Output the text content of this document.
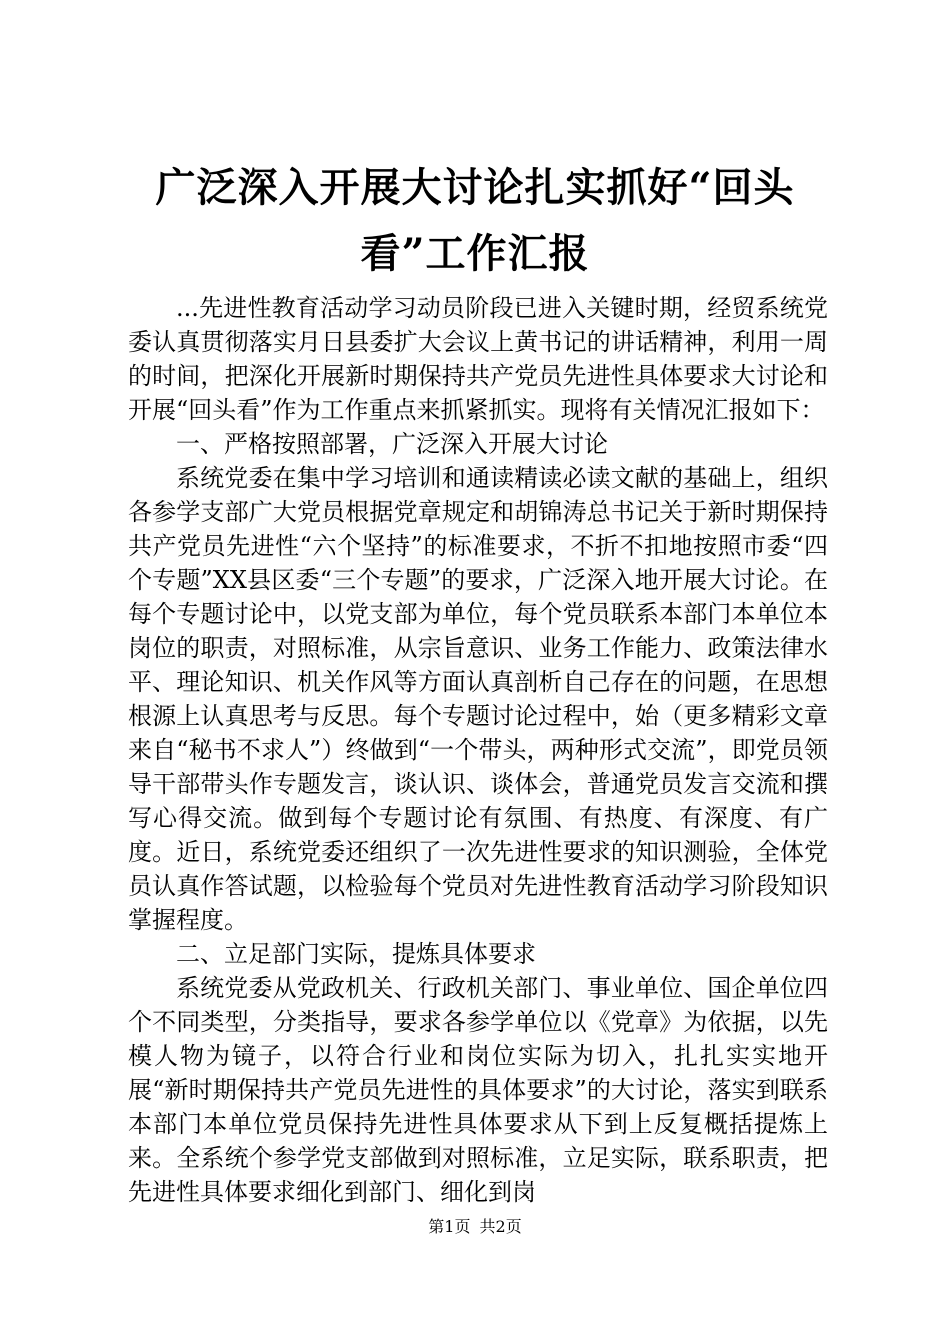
广泛深入开展大讨论扎实抓好“回头看”工作汇报

...先进性教育活动学习动员阶段已进入关键时期，经贸系统党委认真贯彻落实月日县委扩大会议上黄书记的讲话精神，利用一周的时间，把深化开展新时期保持共产党员先进性具体要求大讨论和开展“回头看”作为工作重点来抓紧抓实。现将有关情况汇报如下：

一、严格按照部署，广泛深入开展大讨论

系统党委在集中学习培训和通读精读必读文献的基础上，组织各参学支部广大党员根据党章规定和胡锦涛总书记关于新时期保持共产党员先进性“六个坚持”的标准要求，不折不扣地按照市委“四个专题”XX县区委“三个专题”的要求，广泛深入地开展大讨论。在每个专题讨论中，以党支部为单位，每个党员联系本部门本单位本岗位的职责，对照标准，从宗旨意识、业务工作能力、政策法律水平、理论知识、机关作风等方面认真剖析自己存在的问题，在思想根源上认真思考与反思。每个专题讨论过程中，始（更多精彩文章来自“秘书不求人”）终做到“一个带头，两种形式交流”，即党员领导干部带头作专题发言，谈认识、谈体会，普通党员发言交流和撰写心得交流。做到每个专题讨论有氛围、有热度、有深度、有广度。近日，系统党委还组织了一次先进性要求的知识测验，全体党员认真作答试题，以检验每个党员对先进性教育活动学习阶段知识掌握程度。

二、立足部门实际，提炼具体要求

系统党委从党政机关、行政机关部门、事业单位、国企单位四个不同类型，分类指导，要求各参学单位以《党章》为依据，以先模人物为镜子，以符合行业和岗位实际为切入，扎扎实实地开展“新时期保持共产党员先进性的具体要求”的大讨论，落实到联系本部门本单位党员保持先进性具体要求从下到上反复概括提炼上来。全系统个参学党支部做到对照标准，立足实际，联系职责，把先进性具体要求细化到部门、细化到岗

第1页 共2页
